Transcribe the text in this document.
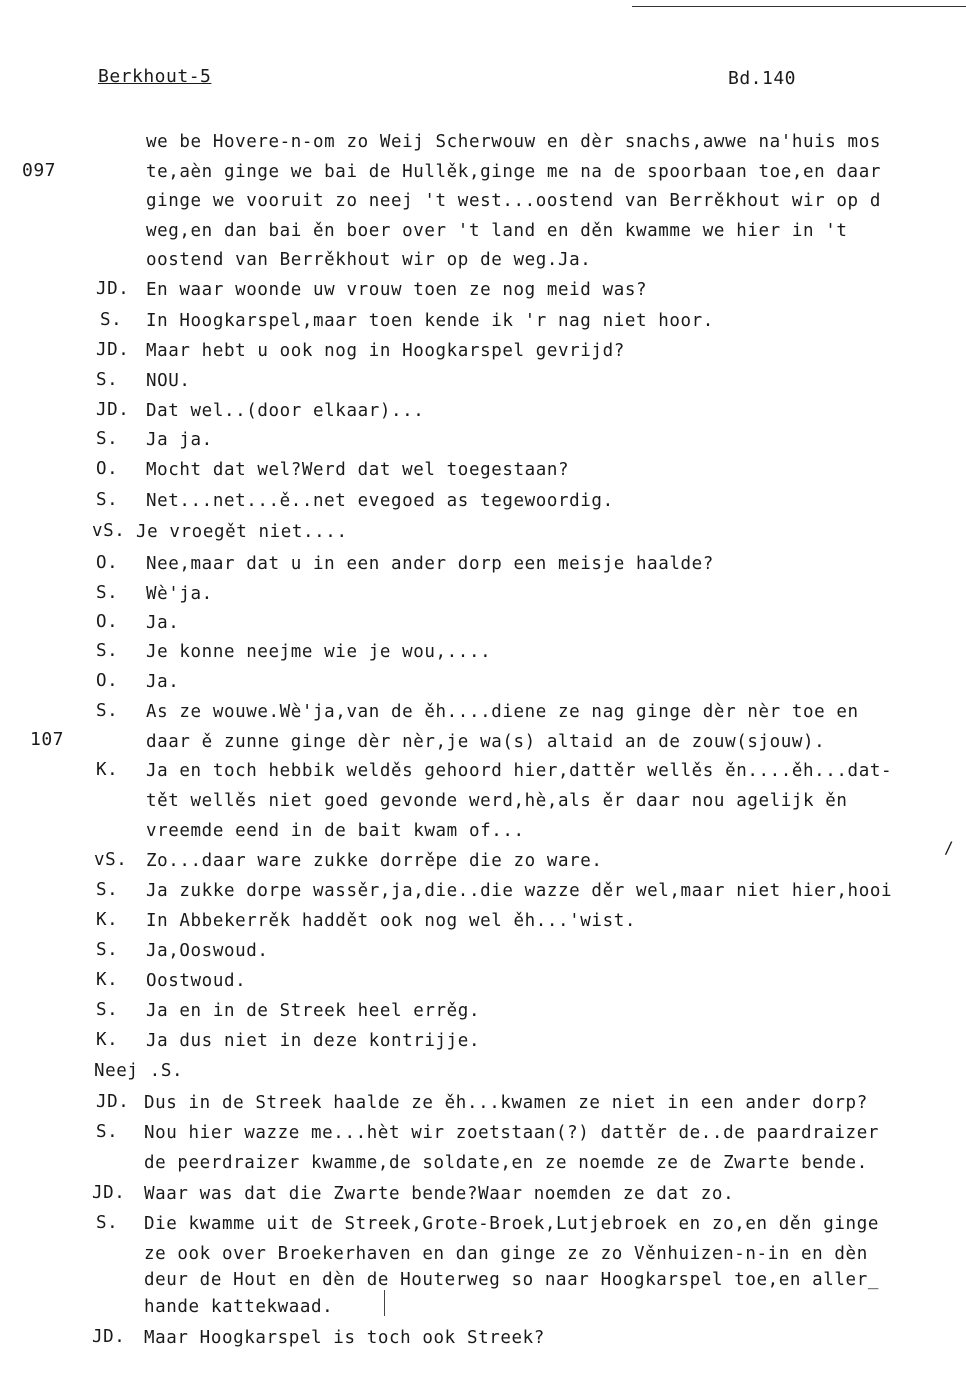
Berkhout-5	Bd.140
097
107
JD.
S.
JD.
S.
JD.
S.
O.
S.
vS.
O.
S.
O.
S.
O.
S.
K.
vS.
S.
K.
S.
K.
S.
K.
JD.
S.
JD.
S.
JD.
we be Hovere-n-om zo Weij Scherwouw en dèr snachs,awwe na'huis mos
te,aèn ginge we bai de Hullěk,ginge me na de spoorbaan toe,en daar
ginge we vooruit zo neej 't west...oostend van Berrěkhout wir op d
weg,en dan bai ěn boer over 't land en děn kwamme we hier in 't
oostend van Berrěkhout wir op de weg.Ja.
En waar woonde uw vrouw toen ze nog meid was?
In Hoogkarspel,maar toen kende ik 'r nag niet hoor.
Maar hebt u ook nog in Hoogkarspel gevrijd?
NOU.
Dat wel..(door elkaar)...
Ja ja.
Mocht dat wel?Werd dat wel toegestaan?
Net...net...ě..net evegoed as tegewoordig.
Je vroegět niet....
Nee,maar dat u in een ander dorp een meisje haalde?
Wè'ja.
Ja.
Je konne neejme wie je wou,....
Ja.
As ze wouwe.Wè'ja,van de ěh....diene ze nag ginge dèr nèr toe en
daar ě zunne ginge dèr nèr,je wa(s) altaid an de zouw(sjouw).
Ja en toch hebbik welděs gehoord hier,dattěr wellěs ěn....ěh...dat-
tět wellěs niet goed gevonde werd,hè,als ěr daar nou agelijk ěn
vreemde eend in de bait kwam of...
Zo...daar ware zukke dorrěpe die zo ware.
Ja zukke dorpe wassěr,ja,die..die wazze děr wel,maar niet hier,hooi
In Abbekerrěk haddět ook nog wel ěh...'wist.
Ja,Ooswoud.
Oostwoud.
Ja en in de Streek heel errěg.
Ja dus niet in deze kontrijje.
Neej .S.
Dus in de Streek haalde ze ěh...kwamen ze niet in een ander dorp?
Nou hier wazze me...hèt wir zoetstaan(?) dattěr de..de paardraizer
de peerdraizer kwamme,de soldate,en ze noemde ze de Zwarte bende.
Waar was dat die Zwarte bende?Waar noemden ze dat zo.
Die kwamme uit de Streek,Grote-Broek,Lutjebroek en zo,en děn ginge
ze ook over Broekerhaven en dan ginge ze zo Věnhuizen-n-in en dèn
deur de Hout en dèn de Houterweg so naar Hoogkarspel toe,en aller_
hande kattekwaad.
Maar Hoogkarspel is toch ook Streek?
/
